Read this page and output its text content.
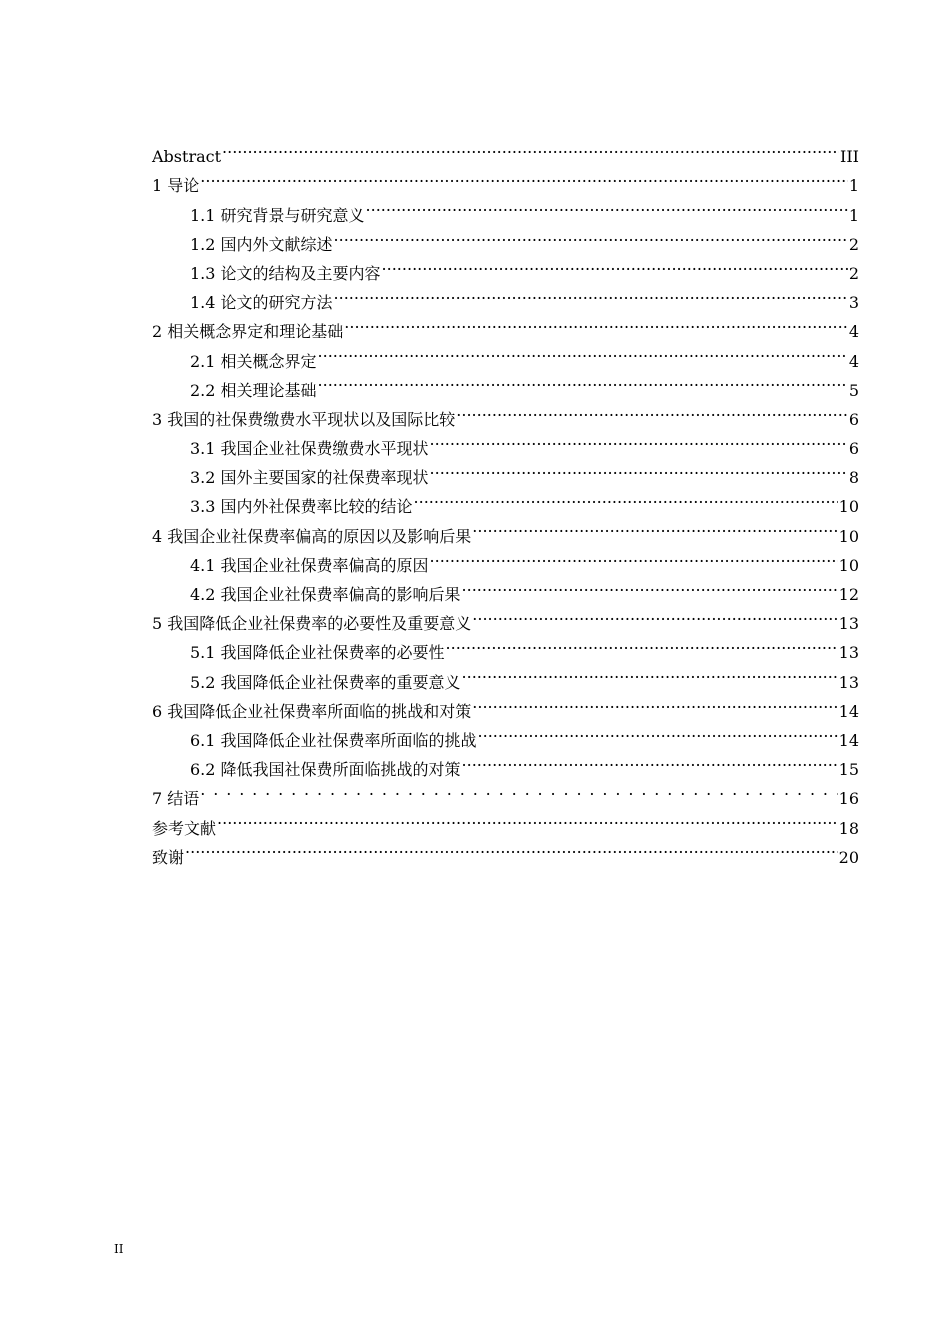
Abstract .....	III
1 导论 .....	1
1.1 研究背景与研究意义 .....	1
1.2 国内外文献综述 .....	2
1.3 论文的结构及主要内容 .....	2
1.4 论文的研究方法 .....	3
2 相关概念界定和理论基础 .....	4
2.1 相关概念界定 .....	4
2.2 相关理论基础 .....	5
3 我国的社保费缴费水平现状以及国际比较 .....	6
3.1 我国企业社保费缴费水平现状 .....	6
3.2 国外主要国家的社保费率现状 .....	8
3.3 国内外社保费率比较的结论 .....	10
4 我国企业社保费率偏高的原因以及影响后果 .....	10
4.1 我国企业社保费率偏高的原因 .....	10
4.2 我国企业社保费率偏高的影响后果 .....	12
5 我国降低企业社保费率的必要性及重要意义 .....	13
5.1 我国降低企业社保费率的必要性 .....	13
5.2 我国降低企业社保费率的重要意义 .....	13
6 我国降低企业社保费率所面临的挑战和对策 .....	14
6.1 我国降低企业社保费率所面临的挑战 .....	14
6.2 降低我国社保费所面临挑战的对策 .....	15
7 结语 . . .	16
参考文献 .....	18
致谢 .....	20
II
